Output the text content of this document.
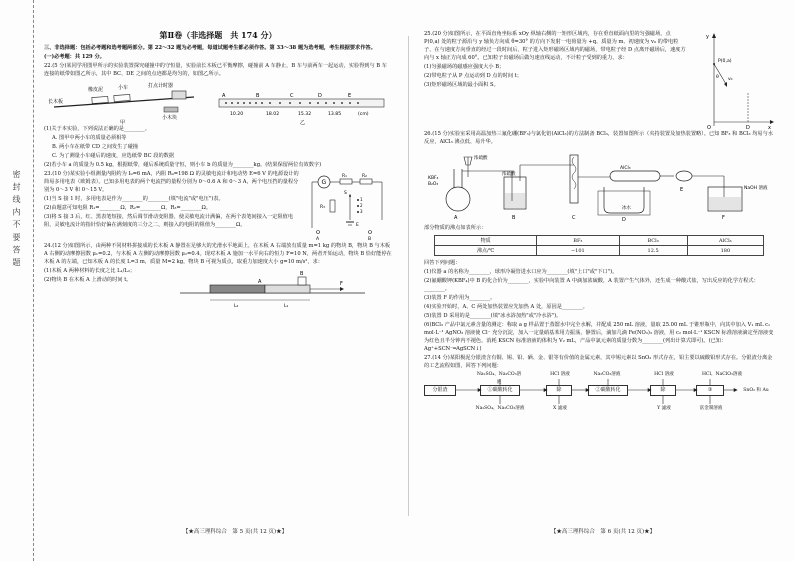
密 封 线 内 不 要 答 题
第Ⅱ卷（非选择题　共 174 分）
三、非选择题：包括必考题和选考题两部分。第 22～32 题为必考题，每道试题考生都必须作答。第 33～38 题为选考题，考生根据要求作答。
(一)必考题：共 129 分。
22.(5 分)某同学用图甲所示的实验装置探究碰撞中的守恒量，实验前长木板已平衡摩擦，碰撞前 A 车静止，B 车与前两车一起运动，实验得到与 B 车连接的纸带如图乙所示，其中 BC、DE 之间的点迹都是均匀的，如图乙所示。
长木板
橡皮泥	小车	打点计时器
小木块
甲
A	B	C	D	E
10.20	18.02	15.32	13.85	(cm)
乙
(1)关于本实验，下列说法正确的是________。
A. 图甲中两小车的质量必须相等
B. 两小车在纸带 CD 之间发生了碰撞
C. 为了测量小车碰后的速度，应选纸带 BC 段的数据
(2)若小车 a 的质量为 0.5 kg，根据纸带，碰后系统质量守恒，则小车 b 的质量为________kg。(结果保留两位有效数字)
23.(10 分)某实验小组测量内阻约为 I₉=6 mA，内阻 R₉=198 Ω 的灵敏电流计和电动势 E=6 V 的电源设计的简易多用电表（欧姆表）。已知多用电表的两个电流挡的量程分别为 0～0.6 A 和 0～3 A，两个电压挡的量程分别为 0～3 V 和 0～15 V。
(1)当 S 接 1 时，多用电表是作为________的________(填"电流"或"电压")表。
(2)由题意可知电阻 R₁=________Ω，R₂=________Ω，R₃=________Ω。
(3)将 S 接 3 后，红、黑表笔短接，然后调节滑动变阻器，使灵敏电流计满偏，在两个表笔间接入一定阻值电阻，灵敏电流计的指针恰好偏在满刻度的三分之二，则接入的电阻的阻值为________Ω。
G
R₁	R₂
R₃
1
2
3
S
E
A	B
24.(12 分)如图所示，由两种不同材料拼接成的长木板 A 静置在足够大的光滑水平地面上，在木板 A 右端放有质量 m=1 kg 的物块 B，物块 B 与木板 A 右侧的动摩擦因数 μ₁=0.2，与木板 A 左侧的动摩擦因数 μ₂=0.4。现对木板 A 施加一水平向右的恒力 F=10 N，两者开始运动，物块 B 恰好能停在木板 A 的左端，已知木板 A 的长度 L=3 m，质量 M=2 kg，物块 B 可视为质点，取重力加速度大小 g=10 m/s²，求：
(1)木板 A 两种材料的长度之比 L₁/L₂；
(2)物块 B 在木板 A 上滑动的时间 t。
B
A	F
L₂	L₁
25.(20 分)如图所示，在平面直角坐标系 xOy 纵轴右侧的一矩形区域内，存在垂直纸面向里的匀强磁场，点 P(0,a) 处的粒子源沿与 y 轴负方向成 θ=30° 的方向下发射一电荷量为 +q、质量为 m、初速度为 v₀ 的带电粒子，在与速度方向垂直的经过一段时间后，粒子进入矩形磁场区域内的磁场，带电粒子经 D 点离开磁场后，速度方向与 x 轴正方向成 60°。已知粒子出磁场后做匀速直线运动，不计粒子受到的重力，求：
(1)匀强磁场的磁感应强度大小 B；
(2)带电粒子从 P 点运动到 D 点的时间 t；
(3)矩形磁场区域的最小面积 S。
y
P(0,a)
θ v₀
O	D	x
26.(15 分)实验室采用高温加热三氟化硼(BF₃)与氯化铝(AlCl₃)的方法制备 BCl₃，装置如图所示（夹持装置及加热装置略）。已知 BF₃ 和 BCl₃ 均易与水反应，AlCl₃ 沸点低、易升华。
浓硫酸
KBF₄
B₂O₃
A
浓硫酸
B	C
AlCl₃
冰水
D
E	NaOH 溶液
F
部分物质的沸点如表所示：
物质	BF₃	BCl₃	AlCl₃
沸点/℃	−101	12.5	180
回答下列问题：
(1)仪器 a 的名称为________，球形冷凝管进水口应为________(填"上口"或"下口")。
(2)氟硼酸钾(KBF₄)中 B 的化合价为________，实验中向装置 A 中滴加浓硫酸，A 装置产生气体外，还生成一种酸式盐，写出反应的化学方程式：________。
(3)装置 F 的作用为________。
(4)实验开始时，A、C 两处加热装置应先加热 A 处，原因是________。
(5)装置 D 采用的是________(填"冰水浴加热"或"冷水浴")。
(6)BCl₃ 产品中氯元素含量的测定：称取 a g 样品置于蒸馏水中完全水解，并配成 250 mL 溶液，量取 25.00 mL 于锥形瓶中，向其中加入 V₁ mL c₁ mol·L⁻¹ AgNO₃ 溶液使 Cl⁻ 充分沉淀，加入一定量硝基苯用力振荡，静置后，滴加几滴 Fe(NO₃)₃ 溶液，用 c₂ mol·L⁻¹ KSCN 标准溶液滴定至溶液变为红色且半分钟内不褪色，消耗 KSCN 标准溶液的体积为 V₂ mL，产品中氯元素的质量分数为________(列出计算式即可)。(已知：Ag⁺+SCN⁻═AgSCN↓)
27.(14 分)某阳极泥分银渣含有铜、锡、铅、硒、金、银等有价值的金属元素，其中锡元素以 SnO₂ 形式存在，铅主要以硫酸铅形式存在。分银渣分离金的工艺流程如图，回答下列问题：
Na₂SO₄、Na₂CO₃溶液
HCl 溶液	Na₂CO₃溶液	HCl 溶液	HCl、NaClO₃溶液
分银渣	①碳酸转化	除	②碳酸转化	除	③	SnO₂ 和 Au
Na₂SO₄、Na₂CO₃溶液	X 滤液	Y 滤液	富金制溶液
【★高三理科综合　第 5 页(共 12 页)★】	【★高三理科综合　第 6 页(共 12 页)★】
